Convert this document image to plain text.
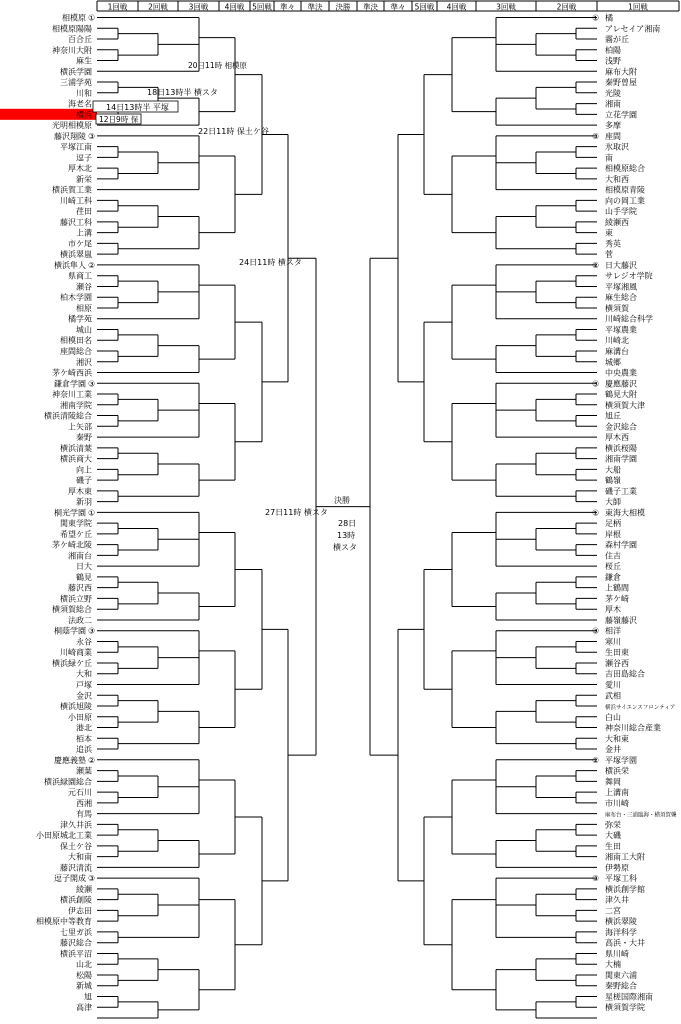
1回戦	2回戦	3回戦 4回戦 5回戦 準々 準決 決勝 準決 準々 5回戦 4回戦	3回戦	2回戦	1回戦
相模原 ①
相模原陽陽
百合丘
神奈川大附
麻生
横浜学園
三浦学苑
川和
海老名
横浜
光明相模原
藤沢翔陵 ③
平塚江南
逗子
厚木北
新栄
横浜賀工業
川崎工科
荏田
藤沢工科
上溝
市ケ尾
横浜翠嵐
横浜隼人 ②
県商工
瀬谷
柏木学園
相原
橘学苑
城山
相模田名
座間総合
湘沢
茅ケ崎西浜
鎌倉学園 ③
神奈川工業
湘南学院
横浜清陵総合
上矢部
秦野
横浜清葉
横浜商大
向上
磯子
厚木東
新羽
桐光学園 ①
関東学院
希望ケ丘
茅ケ崎北陵
湘南台
日大
鶴見
藤沢西
横浜立野
横須賀総合
法政二
桐蔭学園 ③
永谷
川崎商業
横浜緑ケ丘
大和
戸塚
金沢
横浜旭陵
小田原
港北
栢本
追浜
慶應義塾 ②
瀬葉
横浜緑園総合
元石川
西湘
有馬
津久井浜
小田原城北工業
保土ケ谷
大和南
藤沢清流
逗子開成 ③
綾瀬
横浜創陵
伊志田
相模原中等教育
七里ガ浜
藤沢総合
横浜平沼
山北
松陽
新城
旭
高津
橘
①
アレセイア湘南
霧が丘
柏陽
浅野
麻布大附
秦野曽屋
光陵
湘南
立花学園
多摩
座間
③
氷取沢
南
相模原総合
大和西
相模原青陵
向の岡工業
山手学院
綾瀬西
東
秀英
菅
日大藤沢
②
サレジオ学院
平塚湘風
麻生総合
横須賀
川崎総合科学
平塚農業
川崎北
麻溝台
城郷
中央農業
慶應藤沢
③
鶴見大附
横須賀大津
旭丘
金沢総合
厚木西
横浜桜陽
湘南学園
大船
鶴嶺
磯子工業
大師
東海大相模
①
足柄
岸根
森村学園
住吉
桜丘
鎌倉
上鶴間
茅ケ崎
厚木
藤嶺藤沢
相洋
③
寒川
生田東
瀬谷西
吉田島総合
愛川
武相
横浜サイエンスフロンティア
白山
神奈川総合産業
大和東
金井
平塚学園
②
横浜栄
舞岡
上溝南
市川崎
麻布台・三浦臨海・横須賀聾
弥栄
大磯
生田
湘南工大附
伊勢原
平塚工科
③
横浜創学館
津久井
二宮
横浜翠陵
海洋科学
高浜・大井
県川崎
大楠
関東六浦
秦野総合
星槎国際湘南
横須賀学院
12日9時 保
14日13時半 平塚
18日13時半 横スタ
20日11時 相模原
22日11時 保土ケ谷
24日11時 横スタ
27日11時 横スタ
決勝
28日
13時
横スタ
